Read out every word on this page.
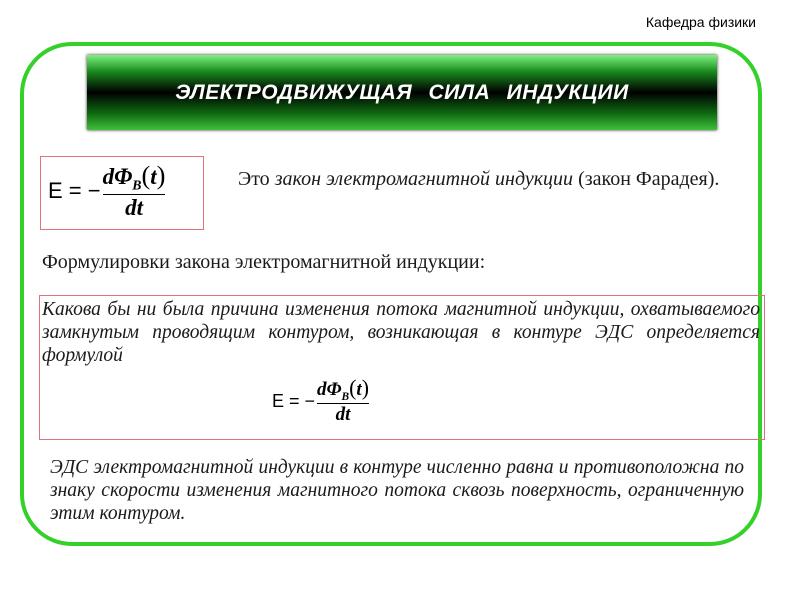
Кафедра физики
ЭЛЕКТРОДВИЖУЩАЯ СИЛА ИНДУКЦИИ
E = − $\frac{d\Phi_B(t)}{dt}$	Это закон электромагнитной индукции (закон Фарадея).
Формулировки закона электромагнитной индукции:
Какова бы ни была причина изменения потока магнитной индукции, охватываемого замкнутым проводящим контуром, возникающая в контуре ЭДС определяется формулой
E = − $\frac{d\Phi_B(t)}{dt}$
ЭДС электромагнитной индукции в контуре численно равна и противоположна по знаку скорости изменения магнитного потока сквозь поверхность, ограниченную этим контуром.
